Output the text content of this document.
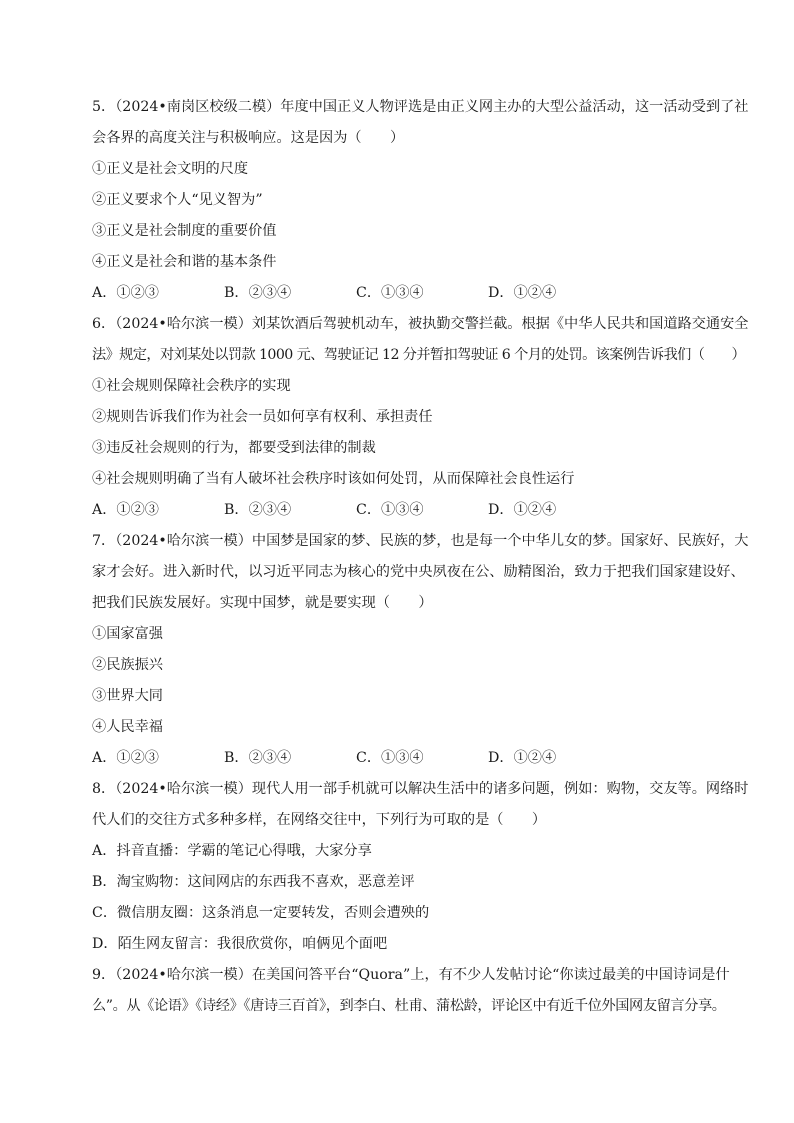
5．（2024•南岗区校级二模）年度中国正义人物评选是由正义网主办的大型公益活动，这一活动受到了社
会各界的高度关注与积极响应。这是因为（　　）
①正义是社会文明的尺度
②正义要求个人“见义智为”
③正义是社会制度的重要价值
④正义是社会和谐的基本条件
A．①②③	B．②③④	C．①③④	D．①②④
6．（2024•哈尔滨一模）刘某饮酒后驾驶机动车，被执勤交警拦截。根据《中华人民共和国道路交通安全
法》规定，对刘某处以罚款 1000 元、驾驶证记 12 分并暂扣驾驶证 6 个月的处罚。该案例告诉我们（　　）
①社会规则保障社会秩序的实现
②规则告诉我们作为社会一员如何享有权利、承担责任
③违反社会规则的行为，都要受到法律的制裁
④社会规则明确了当有人破坏社会秩序时该如何处罚，从而保障社会良性运行
A．①②③	B．②③④	C．①③④	D．①②④
7．（2024•哈尔滨一模）中国梦是国家的梦、民族的梦，也是每一个中华儿女的梦。国家好、民族好，大
家才会好。进入新时代，以习近平同志为核心的党中央夙夜在公、励精图治，致力于把我们国家建设好、
把我们民族发展好。实现中国梦，就是要实现（　　）
①国家富强
②民族振兴
③世界大同
④人民幸福
A．①②③	B．②③④	C．①③④	D．①②④
8．（2024•哈尔滨一模）现代人用一部手机就可以解决生活中的诸多问题，例如：购物，交友等。网络时
代人们的交往方式多种多样，在网络交往中，下列行为可取的是（　　）
A．抖音直播：学霸的笔记心得哦，大家分享
B．淘宝购物：这间网店的东西我不喜欢，恶意差评
C．微信朋友圈：这条消息一定要转发，否则会遭殃的
D．陌生网友留言：我很欣赏你，咱俩见个面吧
9．（2024•哈尔滨一模）在美国问答平台“Quora”上，有不少人发帖讨论“你读过最美的中国诗词是什
么”。从《论语》《诗经》《唐诗三百首》，到李白、杜甫、蒲松龄，评论区中有近千位外国网友留言分享。
